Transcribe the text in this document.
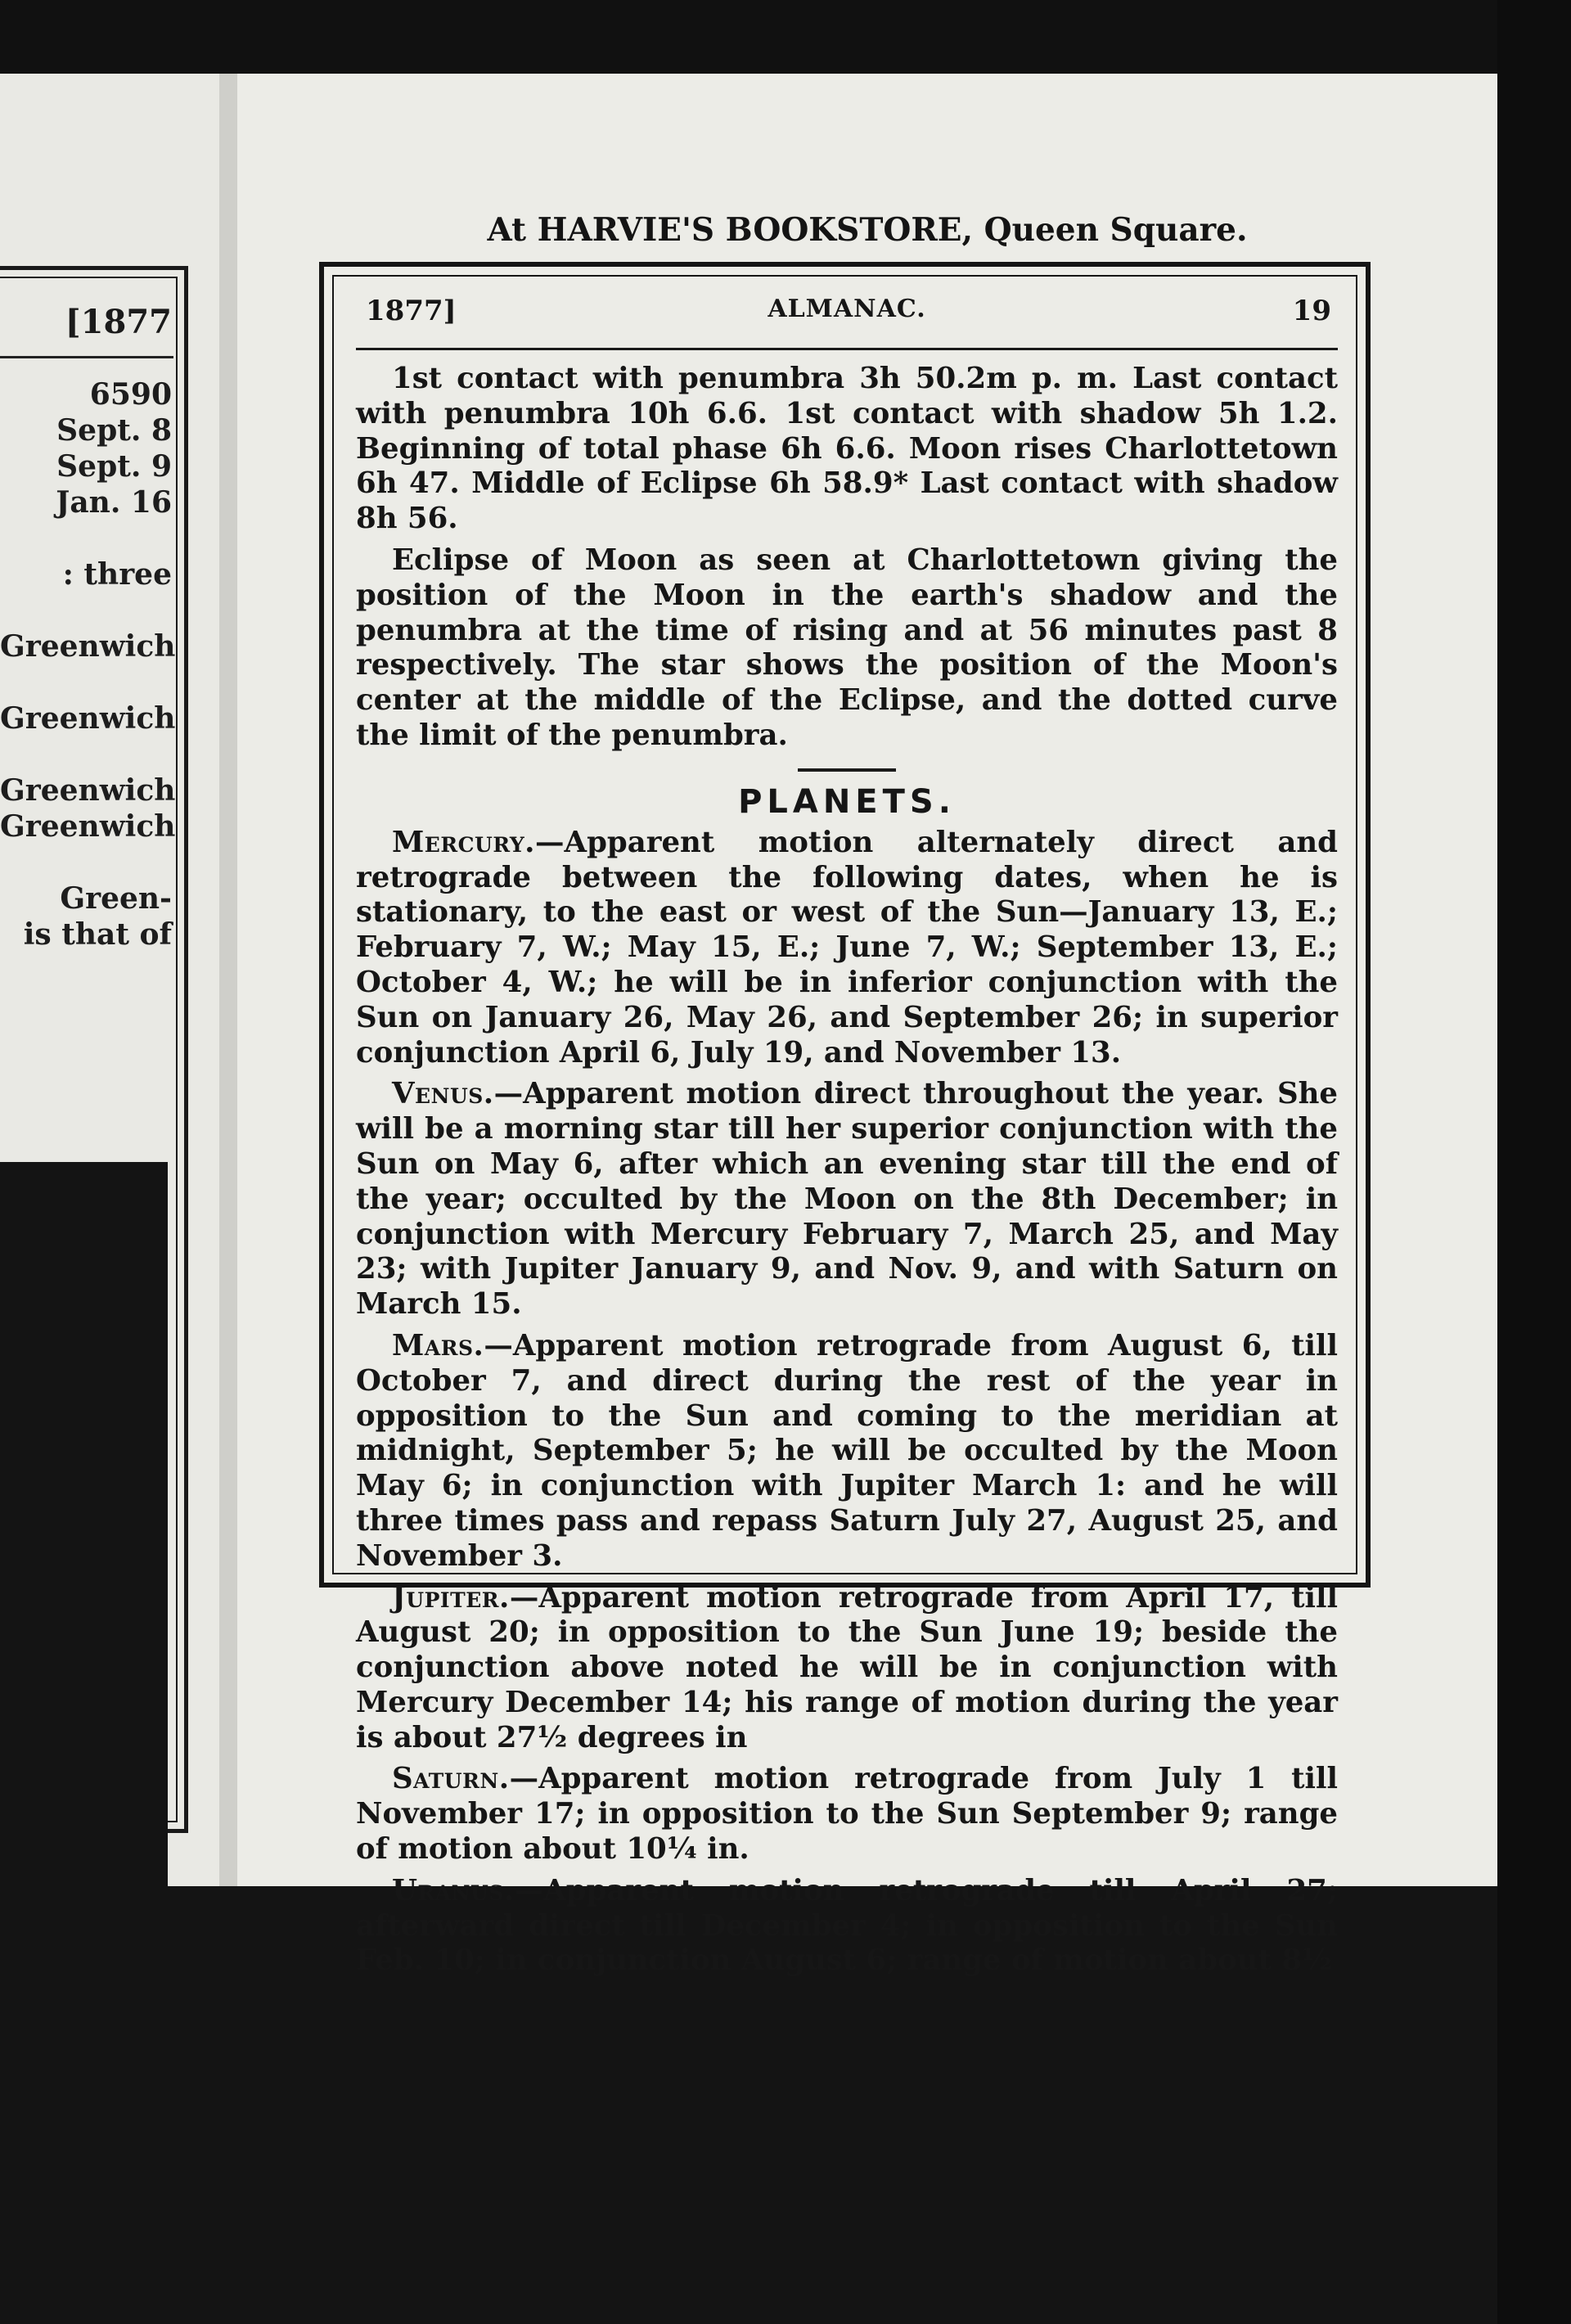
[1877
6590
Sept. 8
Sept. 9
Jan. 16
: three
Greenwich
Greenwich
Greenwich
Greenwich
Green-
is that of
At HARVIE'S BOOKSTORE, Queen Square.
ALMANAC.
1877]	19

1st contact with penumbra 3h 50.2m p. m. Last contact with penumbra 10h 6.6. 1st contact with shadow 5h 1.2. Beginning of total phase 6h 6.6. Moon rises Charlottetown 6h 47. Middle of Eclipse 6h 58.9* Last contact with shadow 8h 56.

Eclipse of Moon as seen at Charlottetown giving the position of the Moon in the earth's shadow and the penumbra at the time of rising and at 56 minutes past 8 respectively. The star shows the position of the Moon's center at the middle of the Eclipse, and the dotted curve the limit of the penumbra.

PLANETS.

Mercury.—Apparent motion alternately direct and retrograde between the following dates, when he is stationary, to the east or west of the Sun—January 13, E.; February 7, W.; May 15, E.; June 7, W.; September 13, E.; October 4, W.; he will be in inferior conjunction with the Sun on January 26, May 26, and September 26; in superior conjunction April 6, July 19, and November 13.

Venus.—Apparent motion direct throughout the year. She will be a morning star till her superior conjunction with the Sun on May 6, after which an evening star till the end of the year; occulted by the Moon on the 8th December; in conjunction with Mercury February 7, March 25, and May 23; with Jupiter January 9, and Nov. 9, and with Saturn on March 15.

Mars.—Apparent motion retrograde from August 6, till October 7, and direct during the rest of the year in opposition to the Sun and coming to the meridian at midnight, September 5; he will be occulted by the Moon May 6; in conjunction with Jupiter March 1: and he will three times pass and repass Saturn July 27, August 25, and November 3.

Jupiter.—Apparent motion retrograde from April 17, till August 20; in opposition to the Sun June 19; beside the conjunction above noted he will be in conjunction with Mercury December 14; his range of motion during the year is about 27½ degrees in

Saturn.—Apparent motion retrograde from July 1 till November 17; in opposition to the Sun September 9; range of motion about 10¼ in.

Uranus.—Apparent motion retrograde till April 27; afterward direct till December 4; in opposition to the Sun Feb. 10; in conjunction August 6; range of motion about 8½
